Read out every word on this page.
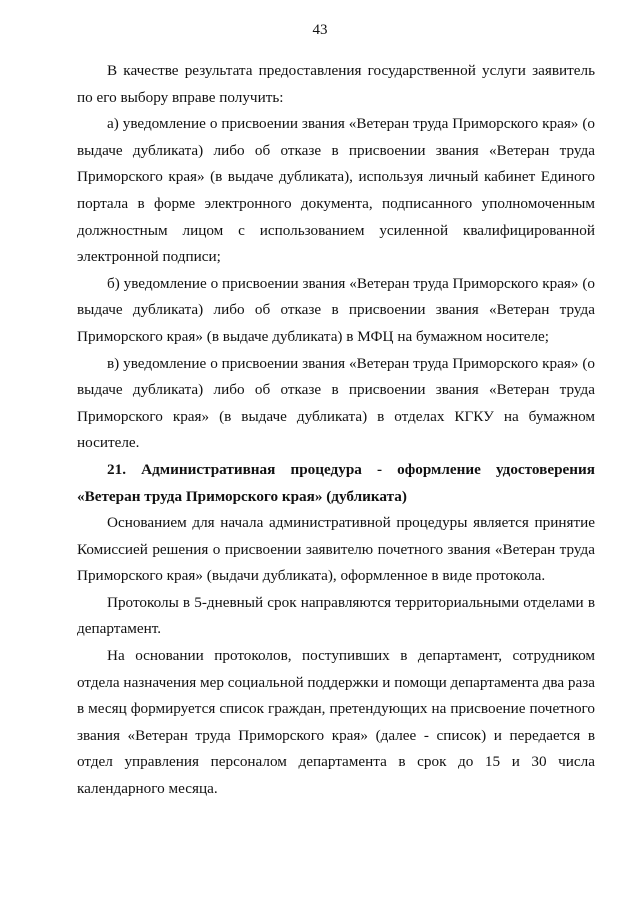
43

В качестве результата предоставления государственной услуги заявитель по его выбору вправе получить:

а) уведомление о присвоении звания «Ветеран труда Приморского края» (о выдаче дубликата) либо об отказе в присвоении звания «Ветеран труда Приморского края» (в выдаче дубликата), используя личный кабинет Единого портала в форме электронного документа, подписанного уполномоченным должностным лицом с использованием усиленной квалифицированной электронной подписи;

б) уведомление о присвоении звания «Ветеран труда Приморского края» (о выдаче дубликата) либо об отказе в присвоении звания «Ветеран труда Приморского края» (в выдаче дубликата) в МФЦ на бумажном носителе;

в) уведомление о присвоении звания «Ветеран труда Приморского края» (о выдаче дубликата) либо об отказе в присвоении звания «Ветеран труда Приморского края» (в выдаче дубликата) в отделах КГКУ на бумажном носителе.

21. Административная процедура - оформление удостоверения «Ветеран труда Приморского края» (дубликата)

Основанием для начала административной процедуры является принятие Комиссией решения о присвоении заявителю почетного звания «Ветеран труда Приморского края» (выдачи дубликата), оформленное в виде протокола.

Протоколы в 5-дневный срок направляются территориальными отделами в департамент.

На основании протоколов, поступивших в департамент, сотрудником отдела назначения мер социальной поддержки и помощи департамента два раза в месяц формируется список граждан, претендующих на присвоение почетного звания «Ветеран труда Приморского края» (далее - список) и передается в отдел управления персоналом департамента в срок до 15 и 30 числа календарного месяца.
